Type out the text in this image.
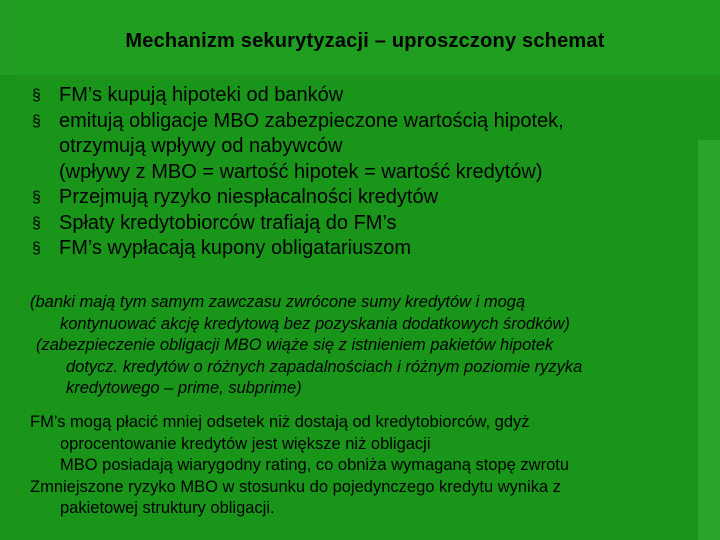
Mechanizm sekurytyzacji – uproszczony schemat
§ FM’s kupują hipoteki od banków
§ emitują obligacje MBO zabezpieczone wartością hipotek,
otrzymują wpływy od nabywców
(wpływy z MBO = wartość hipotek = wartość kredytów)
§ Przejmują ryzyko niespłacalności kredytów
§ Spłaty kredytobiorców trafiają do FM’s
§ FM’s wypłacają kupony obligatariuszom

(banki mają tym samym zawczasu zwrócone sumy kredytów i mogą
kontynuować akcję kredytową bez pozyskania dodatkowych środków)

(zabezpieczenie obligacji MBO wiąże się z istnieniem pakietów hipotek
dotycz. kredytów o różnych zapadalnościach i różnym poziomie ryzyka
kredytowego – prime, subprime)

FM’s mogą płacić mniej odsetek niż dostają od kredytobiorców, gdyż
oprocentowanie kredytów jest większe niż obligacji
MBO posiadają wiarygodny rating, co obniża wymaganą stopę zwrotu

Zmniejszone ryzyko MBO w stosunku do pojedynczego kredytu wynika z
pakietowej struktury obligacji.
